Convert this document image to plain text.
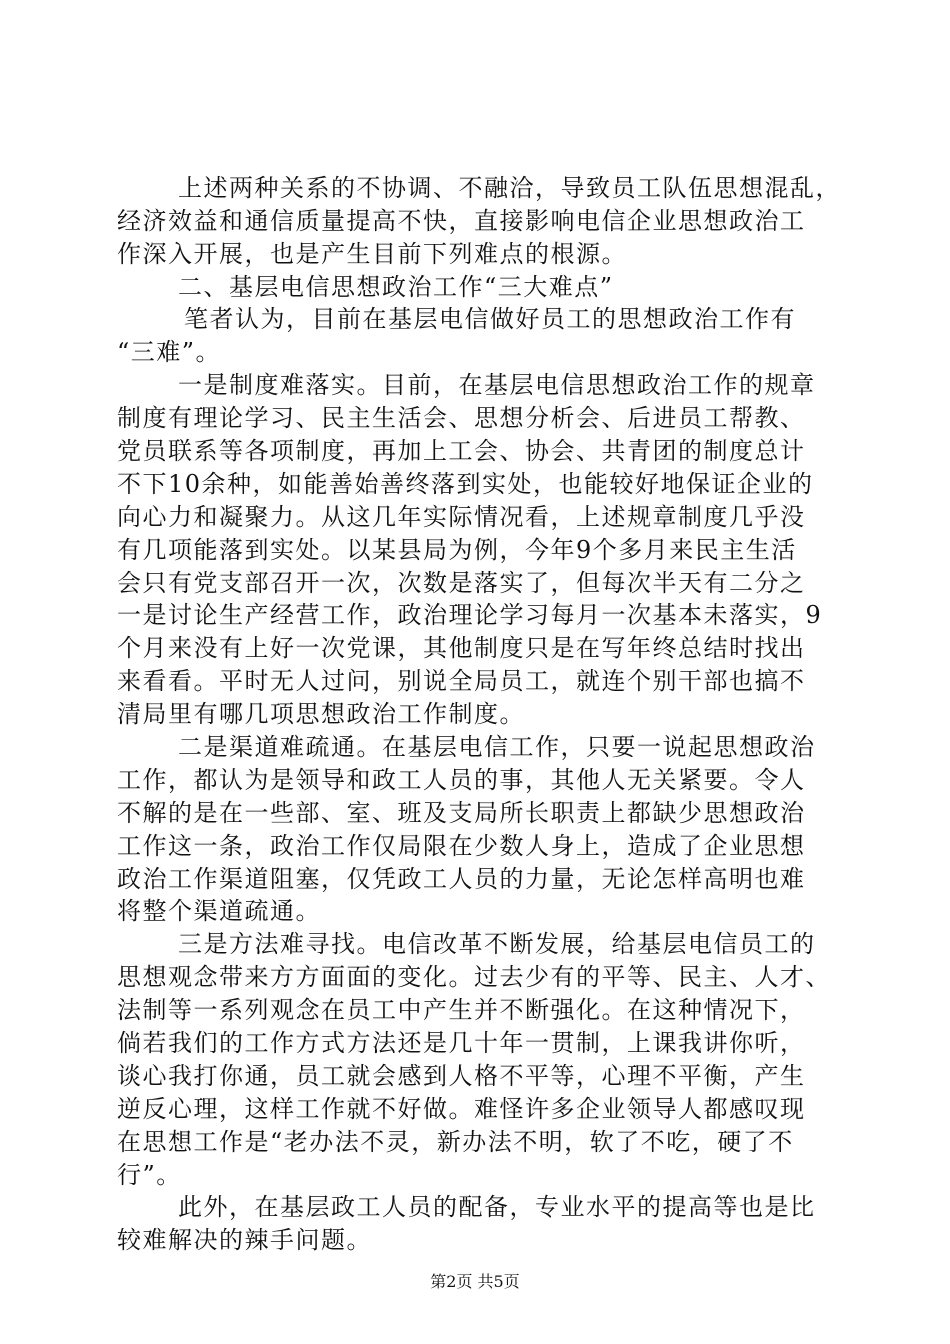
上述两种关系的不协调、不融洽，导致员工队伍思想混乱，
经济效益和通信质量提高不快，直接影响电信企业思想政治工
作深入开展，也是产生目前下列难点的根源。
二、基层电信思想政治工作“三大难点”
笔者认为，目前在基层电信做好员工的思想政治工作有
“三难”。
一是制度难落实。目前，在基层电信思想政治工作的规章
制度有理论学习、民主生活会、思想分析会、后进员工帮教、
党员联系等各项制度，再加上工会、协会、共青团的制度总计
不下10余种，如能善始善终落到实处，也能较好地保证企业的
向心力和凝聚力。从这几年实际情况看，上述规章制度几乎没
有几项能落到实处。以某县局为例，今年9个多月来民主生活
会只有党支部召开一次，次数是落实了，但每次半天有二分之
一是讨论生产经营工作，政治理论学习每月一次基本未落实，9
个月来没有上好一次党课，其他制度只是在写年终总结时找出
来看看。平时无人过问，别说全局员工，就连个别干部也搞不
清局里有哪几项思想政治工作制度。
二是渠道难疏通。在基层电信工作，只要一说起思想政治
工作，都认为是领导和政工人员的事，其他人无关紧要。令人
不解的是在一些部、室、班及支局所长职责上都缺少思想政治
工作这一条，政治工作仅局限在少数人身上，造成了企业思想
政治工作渠道阻塞，仅凭政工人员的力量，无论怎样高明也难
将整个渠道疏通。
三是方法难寻找。电信改革不断发展，给基层电信员工的
思想观念带来方方面面的变化。过去少有的平等、民主、人才、
法制等一系列观念在员工中产生并不断强化。在这种情况下，
倘若我们的工作方式方法还是几十年一贯制，上课我讲你听，
谈心我打你通，员工就会感到人格不平等，心理不平衡，产生
逆反心理，这样工作就不好做。难怪许多企业领导人都感叹现
在思想工作是“老办法不灵，新办法不明，软了不吃，硬了不
行”。
此外，在基层政工人员的配备，专业水平的提高等也是比
较难解决的辣手问题。
第2页 共5页
